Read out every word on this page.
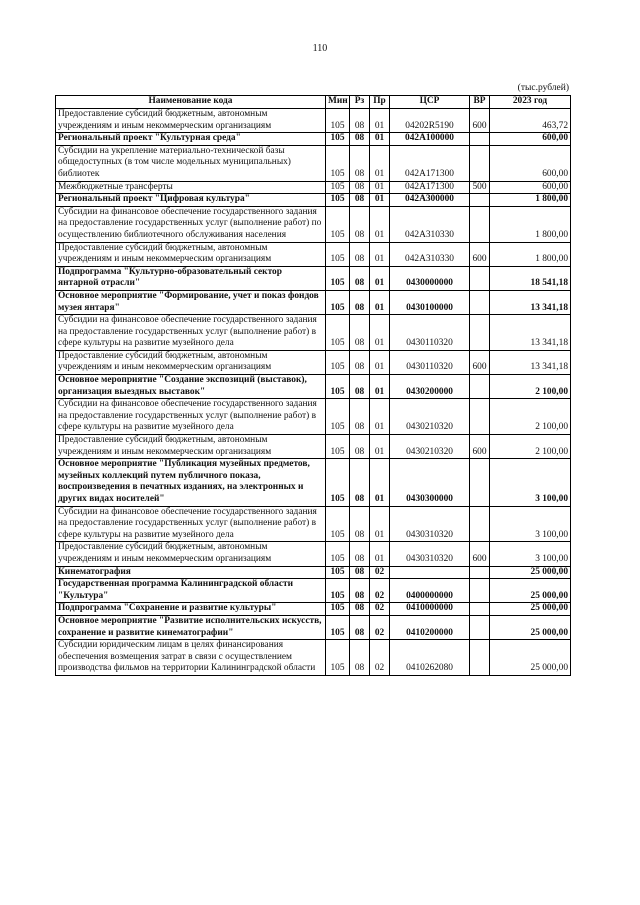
110
(тыс.рублей)
Наименование кода	Мин	Рз	Пр	ЦСР	ВР	2023 год
Предоставление субсидий бюджетным, автономным учреждениям и иным некоммерческим организациям	105	08	01	04202R5190	600	463,72
Региональный проект "Культурная среда"	105	08	01	042А100000		600,00
Субсидии на укрепление материально-технической базы общедоступных (в том числе модельных муниципальных) библиотек	105	08	01	042А171300		600,00
Межбюджетные трансферты	105	08	01	042А171300	500	600,00
Региональный проект "Цифровая культура"	105	08	01	042А300000		1 800,00
Субсидии на финансовое обеспечение государственного задания на предоставление государственных услуг (выполнение работ) по осуществлению библиотечного обслуживания населения	105	08	01	042А310330		1 800,00
Предоставление субсидий бюджетным, автономным учреждениям и иным некоммерческим организациям	105	08	01	042А310330	600	1 800,00
Подпрограмма "Культурно-образовательный сектор янтарной отрасли"	105	08	01	0430000000		18 541,18
Основное мероприятие "Формирование, учет и показ фондов музея янтаря"	105	08	01	0430100000		13 341,18
Субсидии на финансовое обеспечение государственного задания на предоставление государственных услуг (выполнение работ) в сфере культуры на развитие музейного дела	105	08	01	0430110320		13 341,18
Предоставление субсидий бюджетным, автономным учреждениям и иным некоммерческим организациям	105	08	01	0430110320	600	13 341,18
Основное мероприятие "Создание экспозиций (выставок), организация выездных выставок"	105	08	01	0430200000		2 100,00
Субсидии на финансовое обеспечение государственного задания на предоставление государственных услуг (выполнение работ) в сфере культуры на развитие музейного дела	105	08	01	0430210320		2 100,00
Предоставление субсидий бюджетным, автономным учреждениям и иным некоммерческим организациям	105	08	01	0430210320	600	2 100,00
Основное мероприятие "Публикация музейных предметов, музейных коллекций путем публичного показа, воспроизведения в печатных изданиях, на электронных и других видах носителей"	105	08	01	0430300000		3 100,00
Субсидии на финансовое обеспечение государственного задания на предоставление государственных услуг (выполнение работ) в сфере культуры на развитие музейного дела	105	08	01	0430310320		3 100,00
Предоставление субсидий бюджетным, автономным учреждениям и иным некоммерческим организациям	105	08	01	0430310320	600	3 100,00
Кинематография	105	08	02			25 000,00
Государственная программа Калининградской области "Культура"	105	08	02	0400000000		25 000,00
Подпрограмма "Сохранение и развитие культуры"	105	08	02	0410000000		25 000,00
Основное мероприятие "Развитие исполнительских искусств, сохранение и развитие кинематографии"	105	08	02	0410200000		25 000,00
Субсидии юридическим лицам в целях финансирования обеспечения возмещения затрат в связи с осуществлением производства фильмов на территории Калининградской области	105	08	02	0410262080		25 000,00
